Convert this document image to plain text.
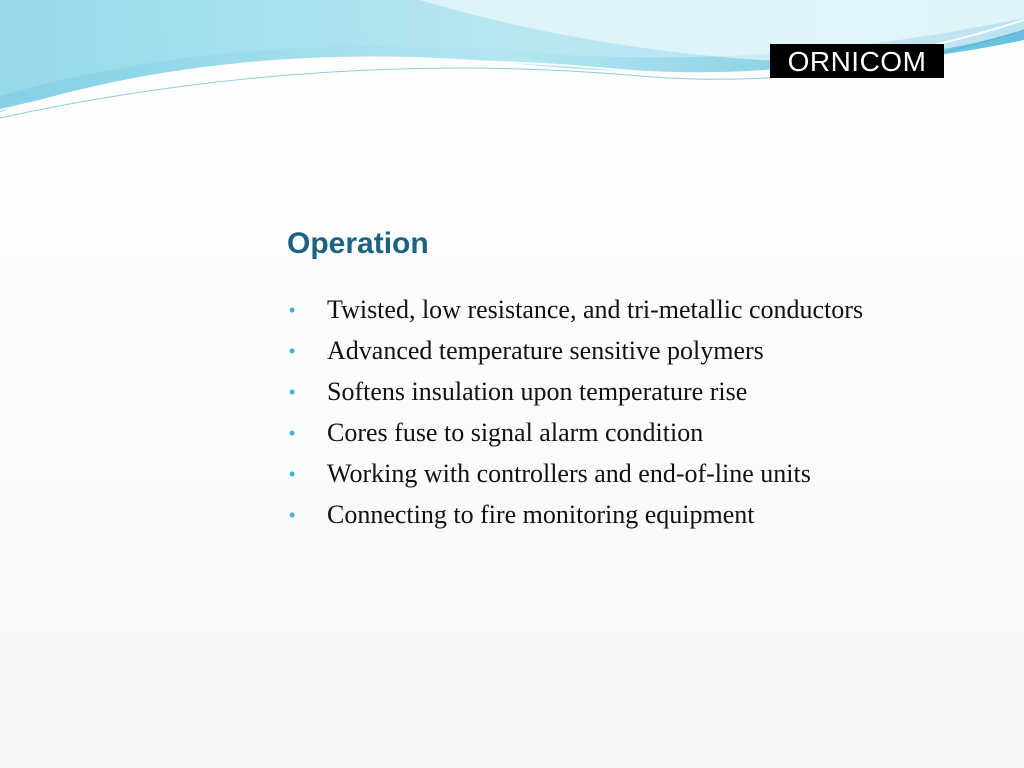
ORNICOM
Operation
• Twisted, low resistance, and tri-metallic conductors
• Advanced temperature sensitive polymers
• Softens insulation upon temperature rise
• Cores fuse to signal alarm condition
• Working with controllers and end-of-line units
• Connecting to fire monitoring equipment
